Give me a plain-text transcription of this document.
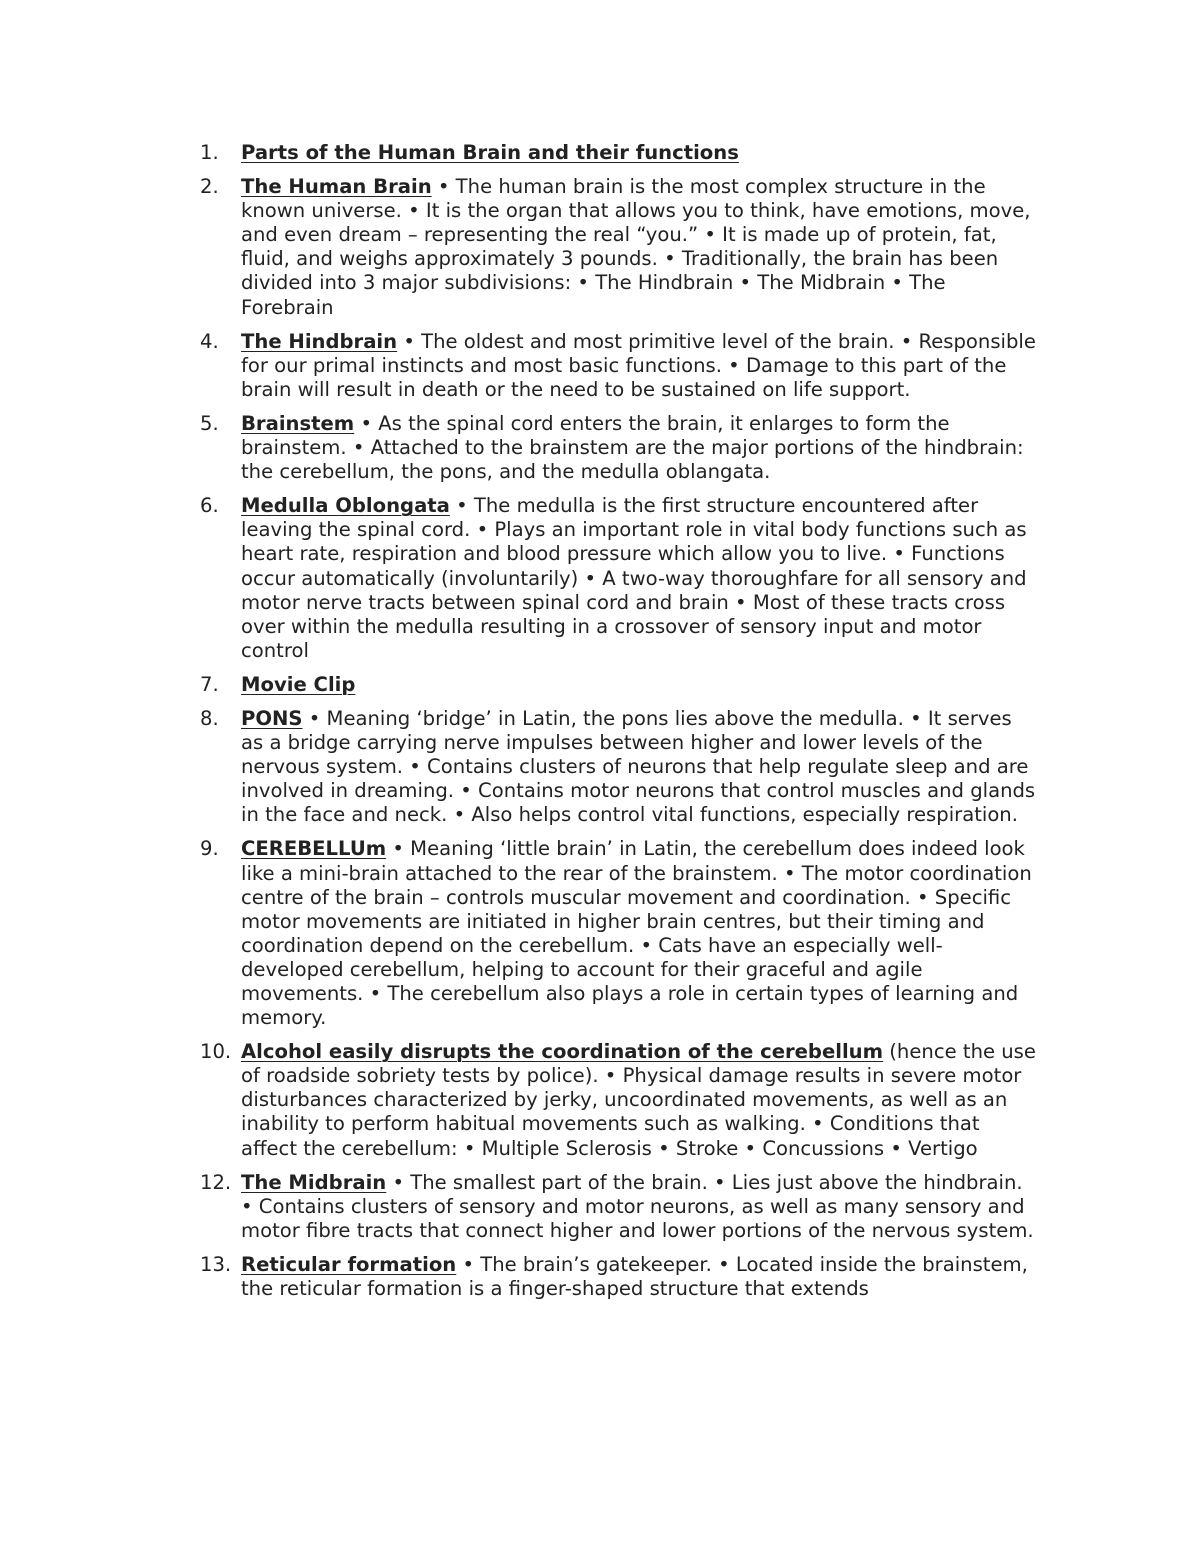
1.	Parts of the Human Brain and their functions
2.	The Human Brain • The human brain is the most complex structure in the known universe. • It is the organ that allows you to think, have emotions, move, and even dream – representing the real “you.” • It is made up of protein, fat, fluid, and weighs approximately 3 pounds. • Traditionally, the brain has been divided into 3 major subdivisions: • The Hindbrain • The Midbrain • The Forebrain
4.	The Hindbrain • The oldest and most primitive level of the brain. • Responsible for our primal instincts and most basic functions. • Damage to this part of the brain will result in death or the need to be sustained on life support.
5.	Brainstem • As the spinal cord enters the brain, it enlarges to form the brainstem. • Attached to the brainstem are the major portions of the hindbrain: the cerebellum, the pons, and the medulla oblangata.
6.	Medulla Oblongata • The medulla is the first structure encountered after leaving the spinal cord. • Plays an important role in vital body functions such as heart rate, respiration and blood pressure which allow you to live. • Functions occur automatically (involuntarily) • A two-way thoroughfare for all sensory and motor nerve tracts between spinal cord and brain • Most of these tracts cross over within the medulla resulting in a crossover of sensory input and motor control
7.	Movie Clip
8.	PONS • Meaning ‘bridge’ in Latin, the pons lies above the medulla. • It serves as a bridge carrying nerve impulses between higher and lower levels of the nervous system. • Contains clusters of neurons that help regulate sleep and are involved in dreaming. • Contains motor neurons that control muscles and glands in the face and neck. • Also helps control vital functions, especially respiration.
9.	CEREBELLUm • Meaning ‘little brain’ in Latin, the cerebellum does indeed look like a mini-brain attached to the rear of the brainstem. • The motor coordination centre of the brain – controls muscular movement and coordination. • Specific motor movements are initiated in higher brain centres, but their timing and coordination depend on the cerebellum. • Cats have an especially well-developed cerebellum, helping to account for their graceful and agile movements. • The cerebellum also plays a role in certain types of learning and memory.
10. Alcohol easily disrupts the coordination of the cerebellum (hence the use of roadside sobriety tests by police). • Physical damage results in severe motor disturbances characterized by jerky, uncoordinated movements, as well as an inability to perform habitual movements such as walking. • Conditions that affect the cerebellum: • Multiple Sclerosis • Stroke • Concussions • Vertigo
12. The Midbrain • The smallest part of the brain. • Lies just above the hindbrain. • Contains clusters of sensory and motor neurons, as well as many sensory and motor fibre tracts that connect higher and lower portions of the nervous system.
13. Reticular formation • The brain’s gatekeeper. • Located inside the brainstem, the reticular formation is a finger-shaped structure that extends
